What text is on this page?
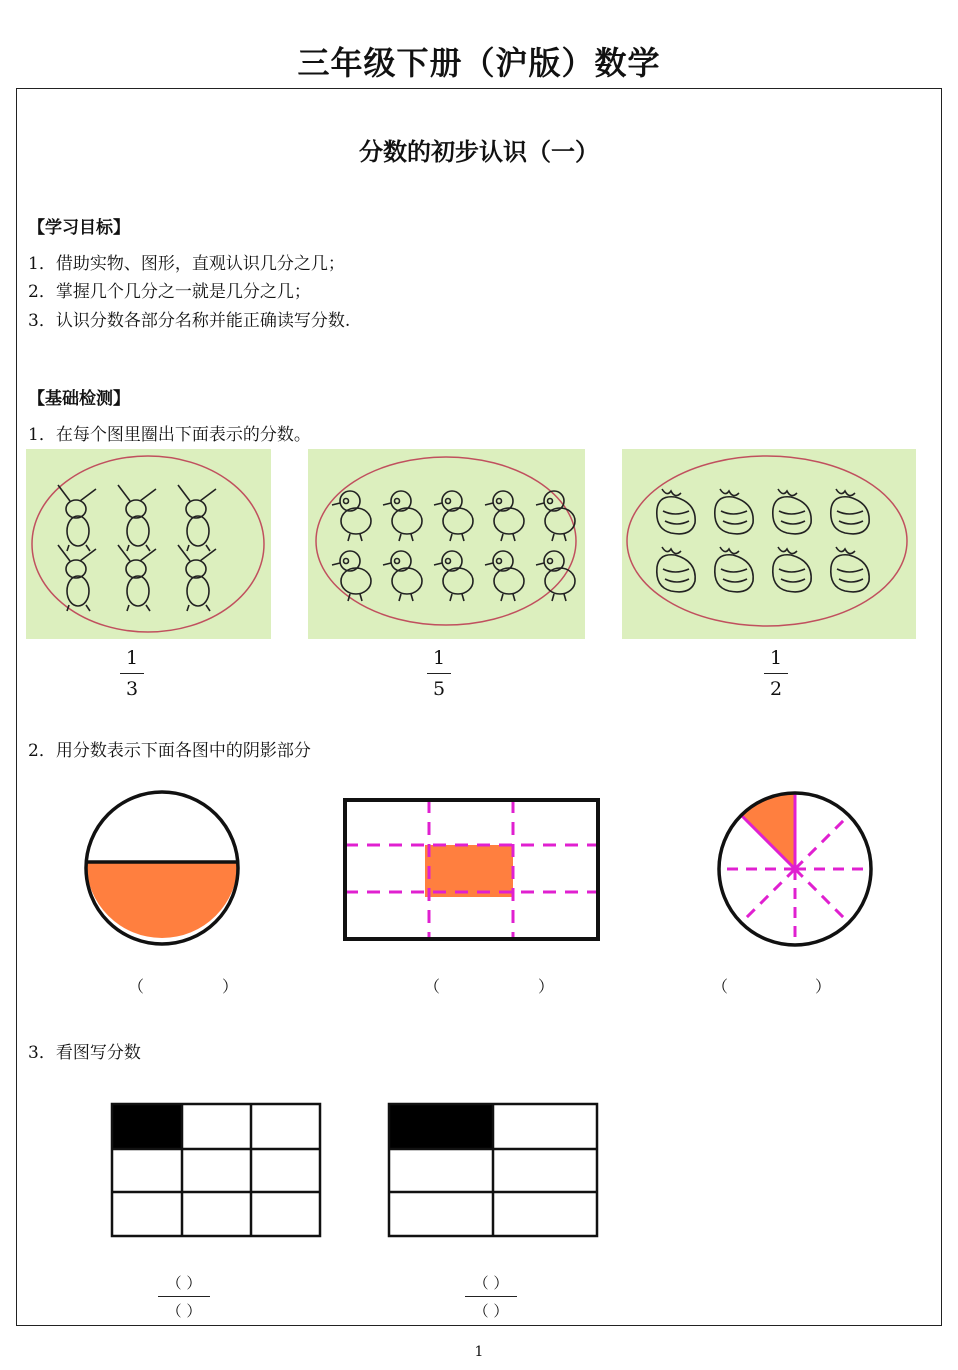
三年级下册（沪版）数学
分数的初步认识（一）
【学习目标】
1．借助实物、图形，直观认识几分之几；
2．掌握几个几分之一就是几分之几；
3．认识分数各部分名称并能正确读写分数.
【基础检测】
1．在每个图里圈出下面表示的分数。
1
3
1
5
1
2
2．用分数表示下面各图中的阴影部分
（	）	（	）	（	）
3．看图写分数
（ ）
（ ）
（ ）
（ ）
1
